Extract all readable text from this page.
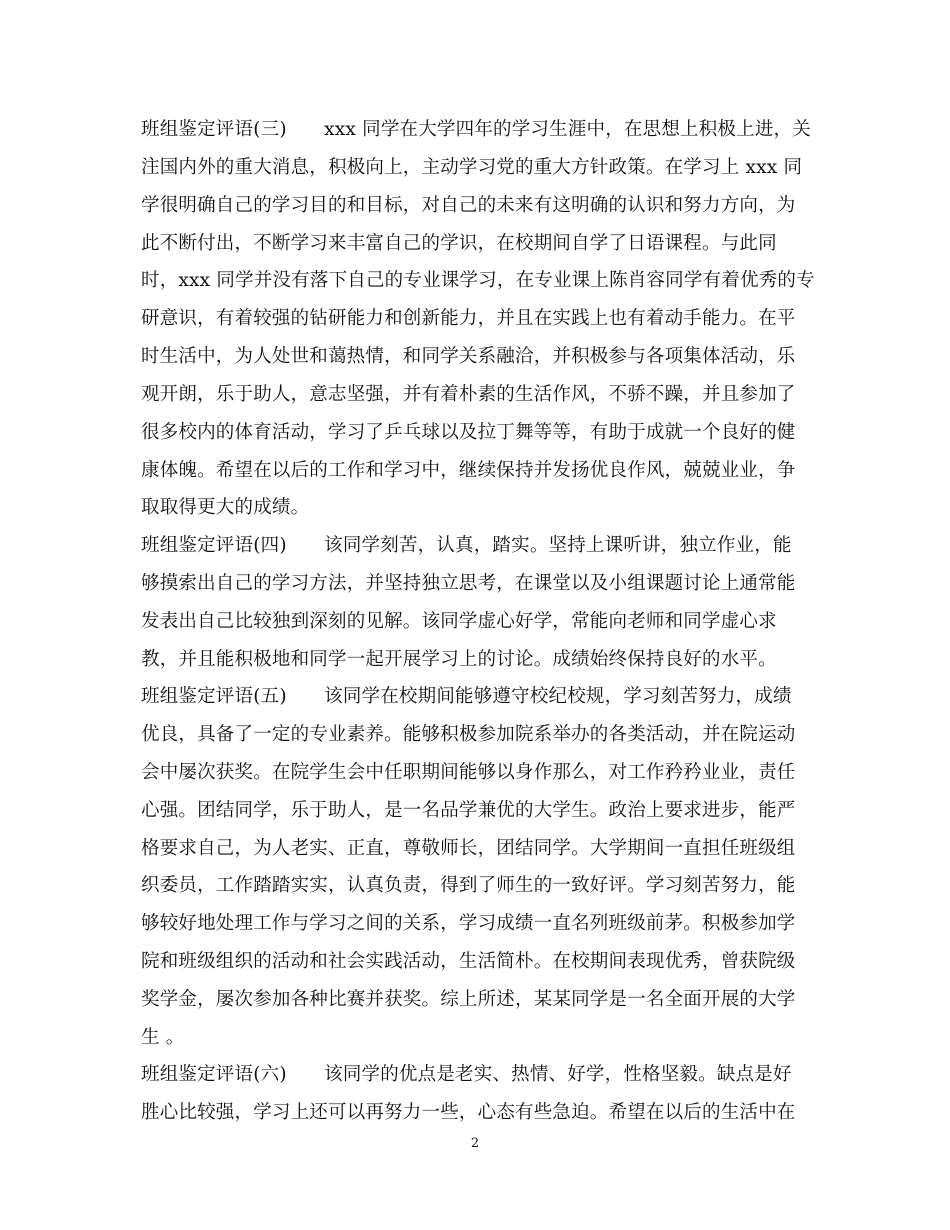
班组鉴定评语(三)　　xxx 同学在大学四年的学习生涯中，在思想上积极上进，关
注国内外的重大消息，积极向上，主动学习党的重大方针政策。在学习上 xxx 同
学很明确自己的学习目的和目标，对自己的未来有这明确的认识和努力方向，为
此不断付出，不断学习来丰富自己的学识，在校期间自学了日语课程。与此同
时，xxx 同学并没有落下自己的专业课学习，在专业课上陈肖容同学有着优秀的专
研意识，有着较强的钻研能力和创新能力，并且在实践上也有着动手能力。在平
时生活中，为人处世和蔼热情，和同学关系融洽，并积极参与各项集体活动，乐
观开朗，乐于助人，意志坚强，并有着朴素的生活作风，不骄不躁，并且参加了
很多校内的体育活动，学习了乒乓球以及拉丁舞等等，有助于成就一个良好的健
康体魄。希望在以后的工作和学习中，继续保持并发扬优良作风，兢兢业业，争
取取得更大的成绩。
班组鉴定评语(四)　　该同学刻苦，认真，踏实。坚持上课听讲，独立作业，能
够摸索出自己的学习方法，并坚持独立思考，在课堂以及小组课题讨论上通常能
发表出自己比较独到深刻的见解。该同学虚心好学，常能向老师和同学虚心求
教，并且能积极地和同学一起开展学习上的讨论。成绩始终保持良好的水平。
班组鉴定评语(五)　　该同学在校期间能够遵守校纪校规，学习刻苦努力，成绩
优良，具备了一定的专业素养。能够积极参加院系举办的各类活动，并在院运动
会中屡次获奖。在院学生会中任职期间能够以身作那么，对工作矜矜业业，责任
心强。团结同学，乐于助人，是一名品学兼优的大学生。政治上要求进步，能严
格要求自己，为人老实、正直，尊敬师长，团结同学。大学期间一直担任班级组
织委员，工作踏踏实实，认真负责，得到了师生的一致好评。学习刻苦努力，能
够较好地处理工作与学习之间的关系，学习成绩一直名列班级前茅。积极参加学
院和班级组织的活动和社会实践活动，生活简朴。在校期间表现优秀，曾获院级
奖学金，屡次参加各种比赛并获奖。综上所述，某某同学是一名全面开展的大学
生 。
班组鉴定评语(六)　　该同学的优点是老实、热情、好学，性格坚毅。缺点是好
胜心比较强，学习上还可以再努力一些，心态有些急迫。希望在以后的生活中在
2
